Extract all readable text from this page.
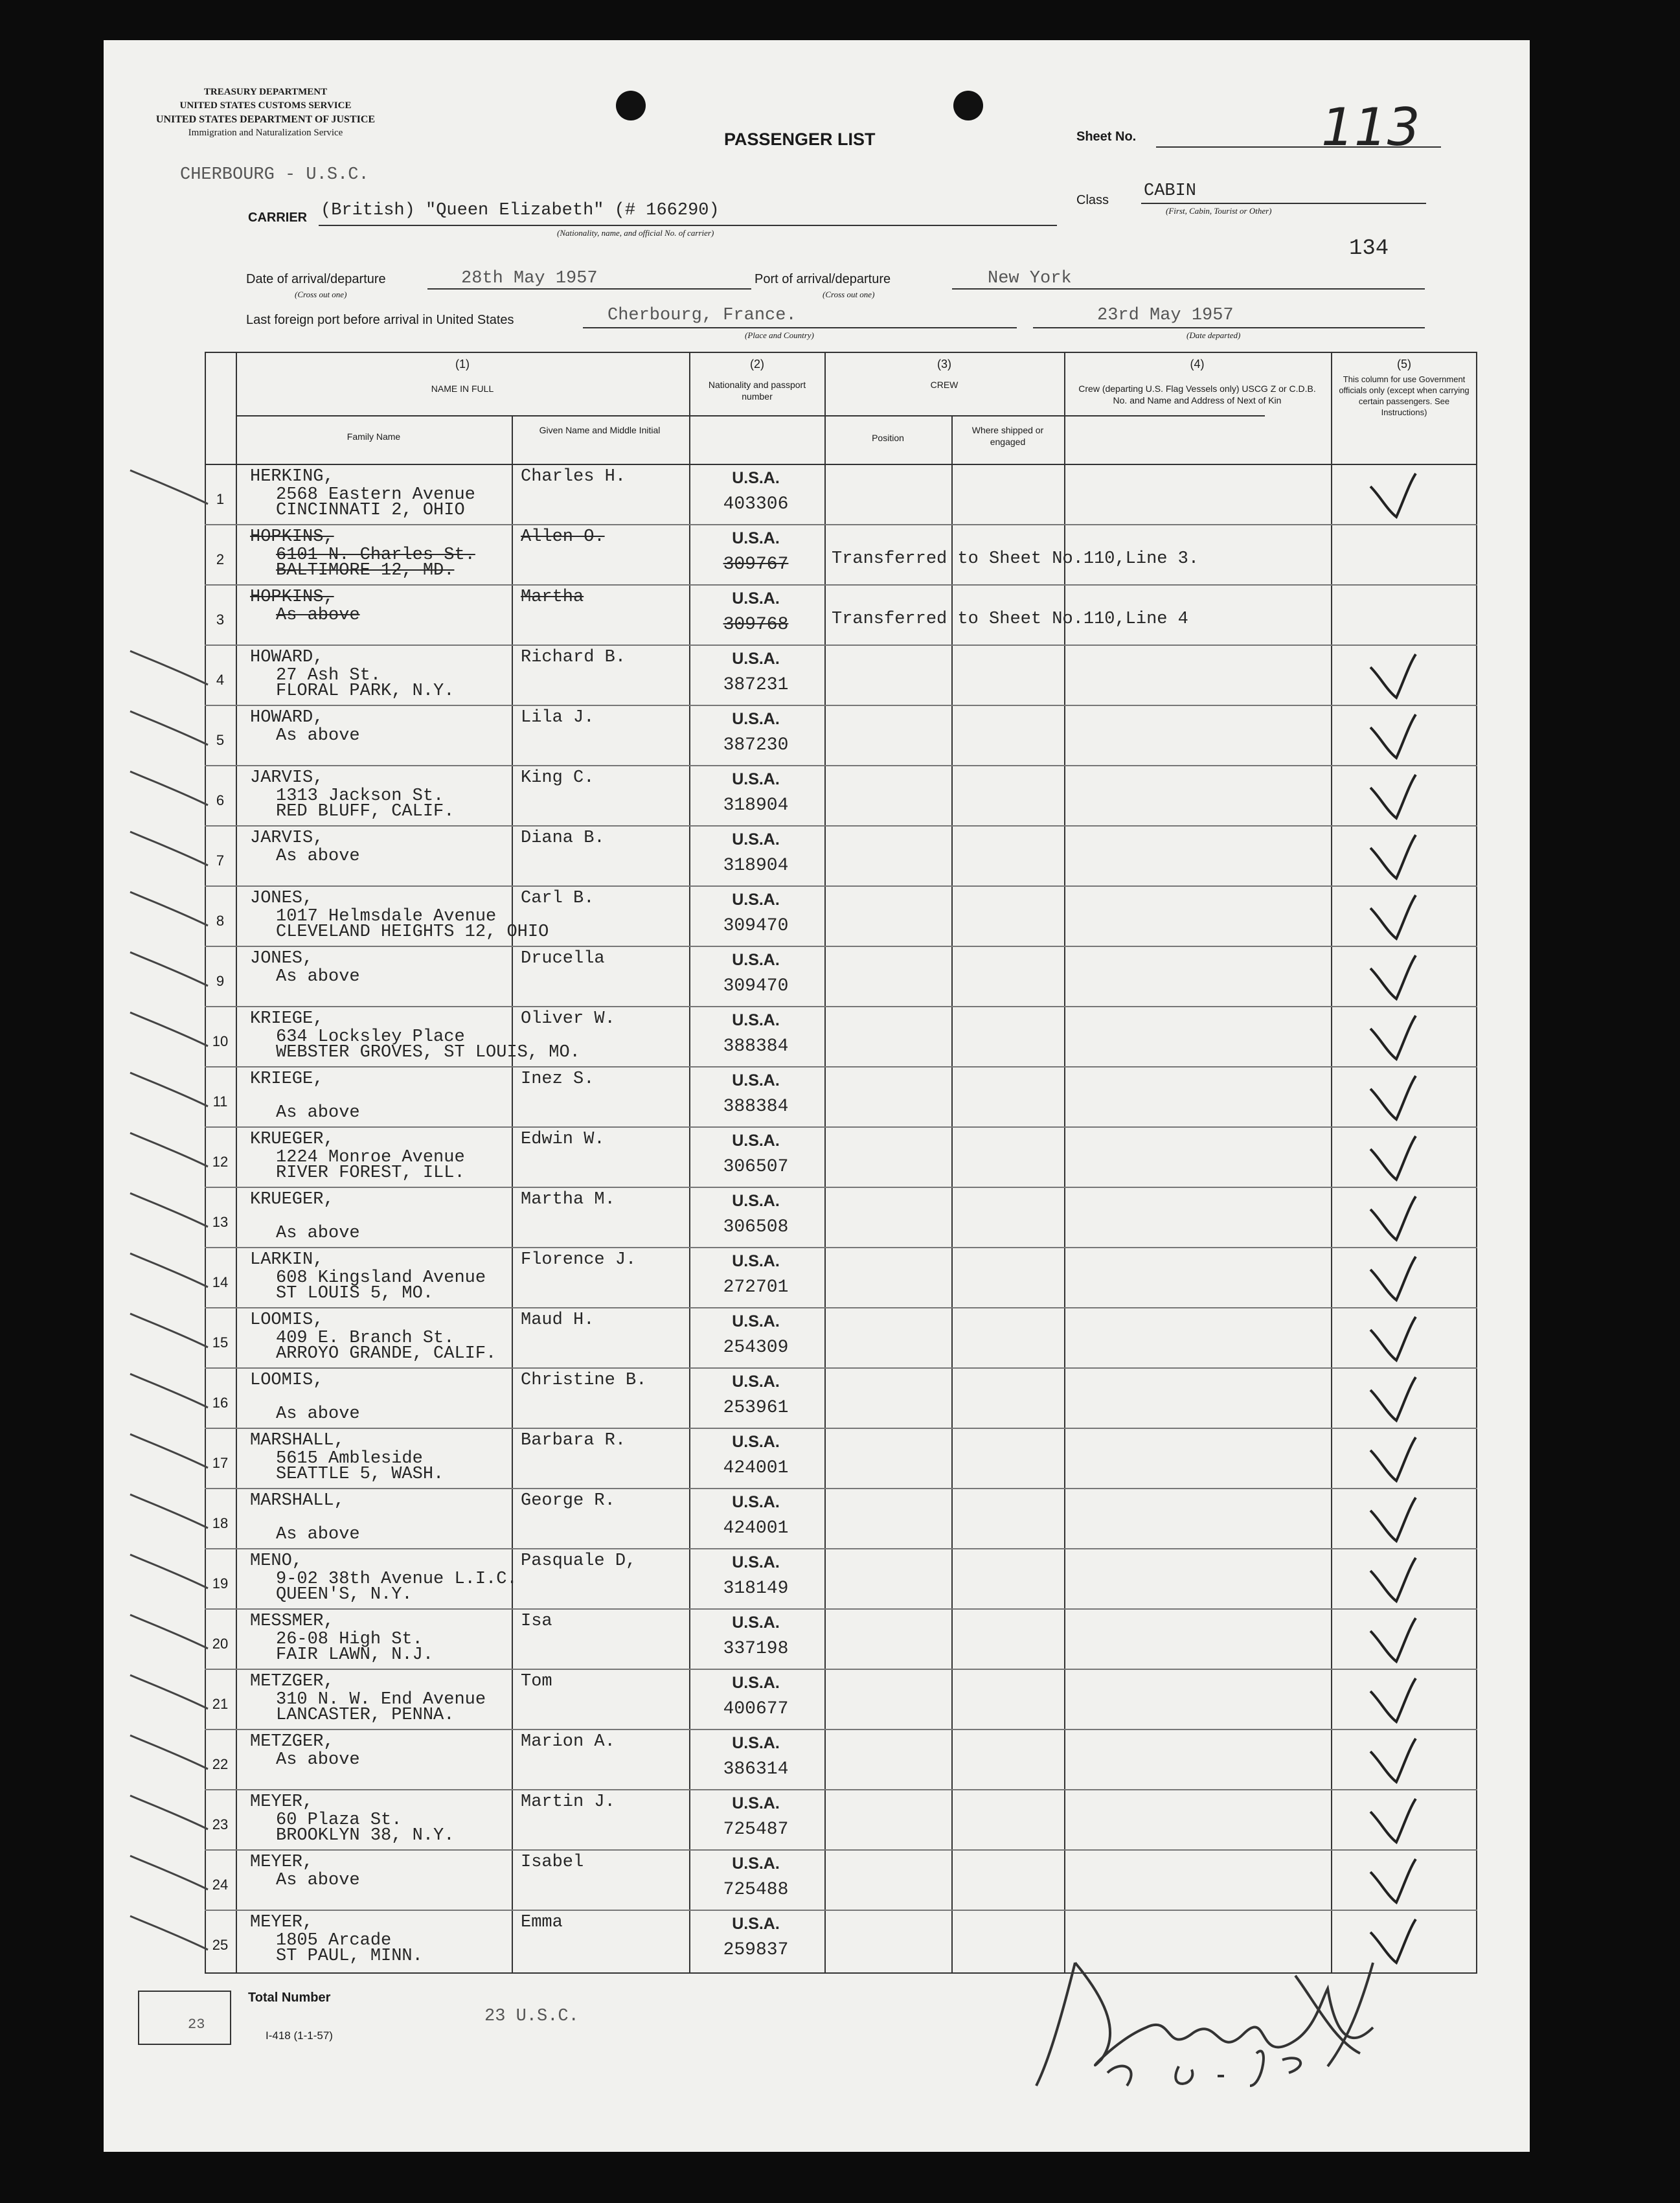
TREASURY DEPARTMENT
UNITED STATES CUSTOMS SERVICE
UNITED STATES DEPARTMENT OF JUSTICE
Immigration and Naturalization Service	PASSENGER LIST	Sheet No.	113
CHERBOURG - U.S.C.
CARRIER (British) "Queen Elizabeth" (# 166290)
(Nationality, name, and official No. of carrier)
Class CABIN
(First, Cabin, Tourist or Other)
134
Date of arrival/departure
(Cross out one)
28th May 1957	Port of arrival/departure
(Cross out one)
New York
Last foreign port before arrival in United States	Cherbourg, France.
(Place and Country)
23rd May 1957
(Date departed)
(1)
NAME IN FULL
Family Name
Given Name and Middle Initial
(2)
Nationality and passport number
(3)
CREW
Position
Where shipped or engaged
(4)
Crew (departing U.S. Flag Vessels only) USCG Z or C.D.B. No. and Name and Address of Next of Kin
(5)
This column for use Government officials only (except when carrying certain passengers. See Instructions)
1
HERKING,
2568 Eastern Avenue
CINCINNATI 2, OHIO
Charles H.	U.S.A.
403306
2
HOPKINS,
6101 N. Charles St.
BALTIMORE 12, MD.
Allen O.	U.S.A.
309767	Transferred to Sheet No.110,Line 3.
3
HOPKINS,
As above
Martha	U.S.A.
309768	Transferred to Sheet No.110,Line 4
4
HOWARD,
27 Ash St.
FLORAL PARK, N.Y.
Richard B.	U.S.A.
387231
5
HOWARD,
As above
Lila J.	U.S.A.
387230
6
JARVIS,
1313 Jackson St.
RED BLUFF, CALIF.
King C.	U.S.A.
318904
7
JARVIS,
As above
Diana B.	U.S.A.
318904
8
JONES,
1017 Helmsdale Avenue
CLEVELAND HEIGHTS 12, OHIO
Carl B.	U.S.A.
309470
9
JONES,
As above
Drucella	U.S.A.
309470
10
KRIEGE,
634 Locksley Place
WEBSTER GROVES, ST LOUIS, MO.
Oliver W.	U.S.A.
388384
11
KRIEGE,
As above
Inez S.	U.S.A.
388384
12
KRUEGER,
1224 Monroe Avenue
RIVER FOREST, ILL.
Edwin W.	U.S.A.
306507
13
KRUEGER,
As above
Martha M.	U.S.A.
306508
14
LARKIN,
608 Kingsland Avenue
ST LOUIS 5, MO.
Florence J.	U.S.A.
272701
15
LOOMIS,
409 E. Branch St.
ARROYO GRANDE, CALIF.
Maud H.	U.S.A.
254309
16
LOOMIS,
As above
Christine B.	U.S.A.
253961
17
MARSHALL,
5615 Ambleside
SEATTLE 5, WASH.
Barbara R.	U.S.A.
424001
18
MARSHALL,
As above
George R.	U.S.A.
424001
19
MENO,
9-02 38th Avenue L.I.C.
QUEEN'S, N.Y.
Pasquale D,	U.S.A.
318149
20
MESSMER,
26-08 High St.
FAIR LAWN, N.J.
Isa	U.S.A.
337198
21
METZGER,
310 N. W. End Avenue
LANCASTER, PENNA.
Tom	U.S.A.
400677
22
METZGER,
As above
Marion A.	U.S.A.
386314
23
MEYER,
60 Plaza St.
BROOKLYN 38, N.Y.
Martin J.	U.S.A.
725487
24
MEYER,
As above
Isabel	U.S.A.
725488
25
MEYER,
1805 Arcade
ST PAUL, MINN.
Emma	U.S.A.
259837
23
Total Number
I-418 (1-1-57)
23 U.S.C.
